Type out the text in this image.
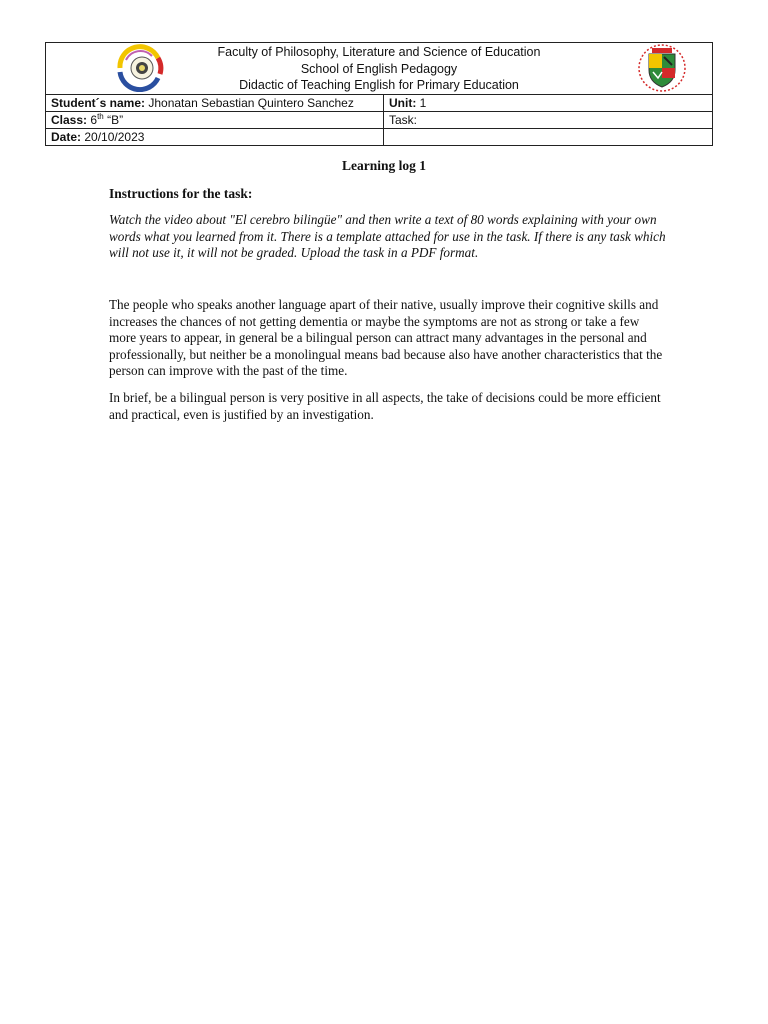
Faculty of Philosophy, Literature and Science of Education
School of English Pedagogy
Didactic of Teaching English for Primary Education	

Student´s name: Jhonatan Sebastian Quintero Sanchez	Unit: 1
Class: 6th “B”	Task:
Date: 20/10/2023	
Learning log 1
Instructions for the task:
Watch the video about "El cerebro bilingüe" and then write a text of 80 words explaining with your own words what you learned from it. There is a template attached for use in the task. If there is any task which will not use it, it will not be graded. Upload the task in a PDF format.

The people who speaks another language apart of their native, usually improve their cognitive skills and increases the chances of not getting dementia or maybe the symptoms are not as strong or take a few more years to appear, in general be a bilingual person can attract many advantages in the personal and professionally, but neither be a monolingual means bad because also have another characteristics that the person can improve with the past of the time.

In brief, be a bilingual person is very positive in all aspects, the take of decisions could be more efficient and practical, even is justified by an investigation.
